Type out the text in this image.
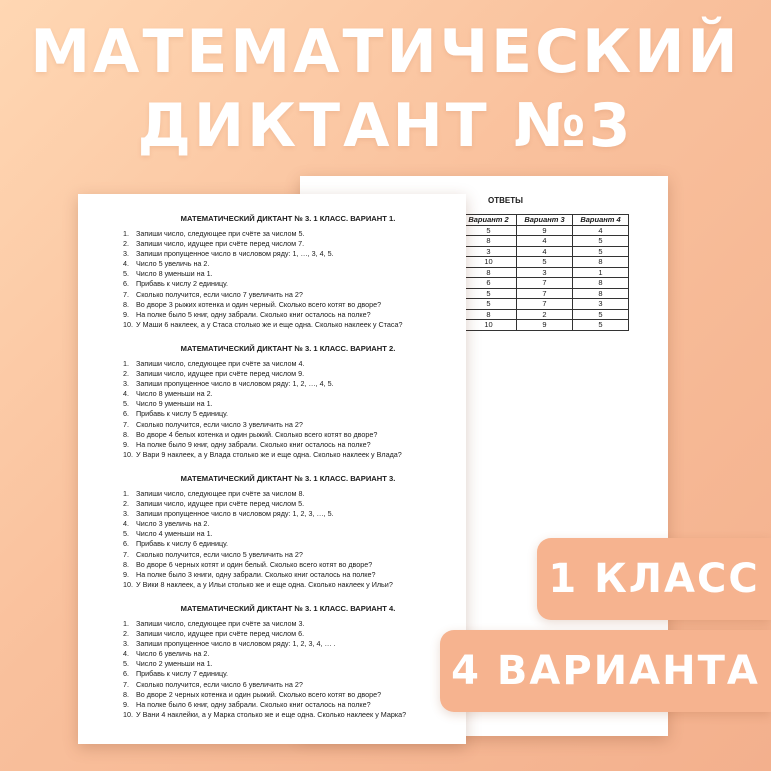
МАТЕМАТИЧЕСКИЙ
ДИКТАНТ №3
ОТВЕТЫ
Вариант 2	Вариант 3	Вариант 4
5	9	4
8	4	5
3	4	5
10	5	8
8	3	1
6	7	8
5	7	8
5	7	3
8	2	5
10	9	5
МАТЕМАТИЧЕСКИЙ ДИКТАНТ № 3. 1 КЛАСС. ВАРИАНТ 1.
1. Запиши число, следующее при счёте за числом 5.
2. Запиши число, идущее при счёте перед числом 7.
3. Запиши пропущенное число в числовом ряду: 1, …, 3, 4, 5.
4. Число 5 увеличь на 2.
5. Число 8 уменьши на 1.
6. Прибавь к числу 2 единицу.
7. Сколько получится, если число 7 увеличить на 2?
8. Во дворе 3 рыжих котенка и один черный. Сколько всего котят во дворе?
9. На полке было 5 книг, одну забрали. Сколько книг осталось на полке?
10. У Маши 6 наклеек, а у Стаса столько же и еще одна. Сколько наклеек у Стаса?
МАТЕМАТИЧЕСКИЙ ДИКТАНТ № 3. 1 КЛАСС. ВАРИАНТ 2.
1. Запиши число, следующее при счёте за числом 4.
2. Запиши число, идущее при счёте перед числом 9.
3. Запиши пропущенное число в числовом ряду: 1, 2, …, 4, 5.
4. Число 8 уменьши на 2.
5. Число 9 уменьши на 1.
6. Прибавь к числу 5 единицу.
7. Сколько получится, если число 3 увеличить на 2?
8. Во дворе 4 белых котенка и один рыжий. Сколько всего котят во дворе?
9. На полке было 9 книг, одну забрали. Сколько книг осталось на полке?
10. У Вари 9 наклеек, а у Влада столько же и еще одна. Сколько наклеек у Влада?
МАТЕМАТИЧЕСКИЙ ДИКТАНТ № 3. 1 КЛАСС. ВАРИАНТ 3.
1. Запиши число, следующее при счёте за числом 8.
2. Запиши число, идущее при счёте перед числом 5.
3. Запиши пропущенное число в числовом ряду: 1, 2, 3, …, 5.
4. Число 3 увеличь на 2.
5. Число 4 уменьши на 1.
6. Прибавь к числу 6 единицу.
7. Сколько получится, если число 5 увеличить на 2?
8. Во дворе 6 черных котят и один белый. Сколько всего котят во дворе?
9. На полке было 3 книги, одну забрали. Сколько книг осталось на полке?
10. У Вики 8 наклеек, а у Ильи столько же и еще одна. Сколько наклеек у Ильи?
МАТЕМАТИЧЕСКИЙ ДИКТАНТ № 3. 1 КЛАСС. ВАРИАНТ 4.
1. Запиши число, следующее при счёте за числом 3.
2. Запиши число, идущее при счёте перед числом 6.
3. Запиши пропущенное число в числовом ряду: 1, 2, 3, 4, … .
4. Число 6 увеличь на 2.
5. Число 2 уменьши на 1.
6. Прибавь к числу 7 единицу.
7. Сколько получится, если число 6 увеличить на 2?
8. Во дворе 2 черных котенка и один рыжий. Сколько всего котят во дворе?
9. На полке было 6 книг, одну забрали. Сколько книг осталось на полке?
10. У Вани 4 наклейки, а у Марка столько же и еще одна. Сколько наклеек у Марка?
1 КЛАСС
4 ВАРИАНТА
